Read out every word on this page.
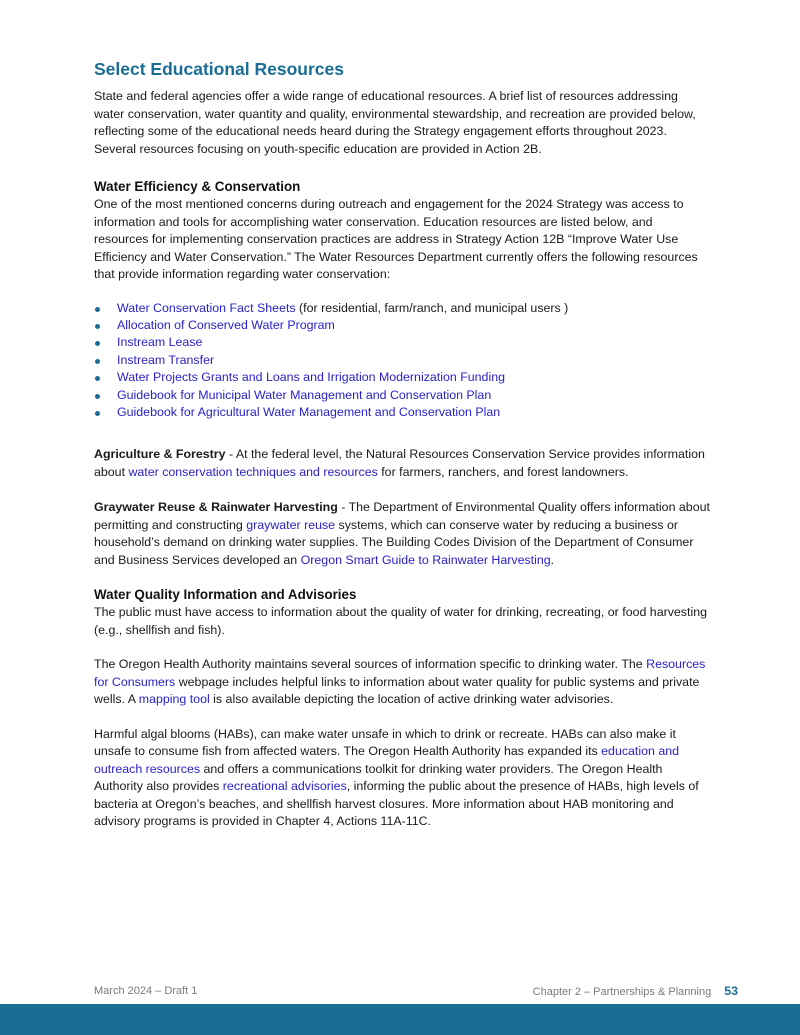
Select Educational Resources

State and federal agencies offer a wide range of educational resources. A brief list of resources addressing water conservation, water quantity and quality, environmental stewardship, and recreation are provided below, reflecting some of the educational needs heard during the Strategy engagement efforts throughout 2023. Several resources focusing on youth-specific education are provided in Action 2B.

Water Efficiency & Conservation

One of the most mentioned concerns during outreach and engagement for the 2024 Strategy was access to information and tools for accomplishing water conservation. Education resources are listed below, and resources for implementing conservation practices are address in Strategy Action 12B “Improve Water Use Efficiency and Water Conservation.” The Water Resources Department currently offers the following resources that provide information regarding water conservation:

Water Conservation Fact Sheets (for residential, farm/ranch, and municipal users )
Allocation of Conserved Water Program
Instream Lease
Instream Transfer
Water Projects Grants and Loans and Irrigation Modernization Funding
Guidebook for Municipal Water Management and Conservation Plan
Guidebook for Agricultural Water Management and Conservation Plan

Agriculture & Forestry - At the federal level, the Natural Resources Conservation Service provides information about water conservation techniques and resources for farmers, ranchers, and forest landowners.

Graywater Reuse & Rainwater Harvesting - The Department of Environmental Quality offers information about permitting and constructing graywater reuse systems, which can conserve water by reducing a business or household’s demand on drinking water supplies. The Building Codes Division of the Department of Consumer and Business Services developed an Oregon Smart Guide to Rainwater Harvesting.

Water Quality Information and Advisories

The public must have access to information about the quality of water for drinking, recreating, or food harvesting (e.g., shellfish and fish).

The Oregon Health Authority maintains several sources of information specific to drinking water. The Resources for Consumers webpage includes helpful links to information about water quality for public systems and private wells. A mapping tool is also available depicting the location of active drinking water advisories.

Harmful algal blooms (HABs), can make water unsafe in which to drink or recreate. HABs can also make it unsafe to consume fish from affected waters. The Oregon Health Authority has expanded its education and outreach resources and offers a communications toolkit for drinking water providers. The Oregon Health Authority also provides recreational advisories, informing the public about the presence of HABs, high levels of bacteria at Oregon’s beaches, and shellfish harvest closures. More information about HAB monitoring and advisory programs is provided in Chapter 4, Actions 11A-11C.

March 2024 – Draft 1	Chapter 2 – Partnerships & Planning 53
